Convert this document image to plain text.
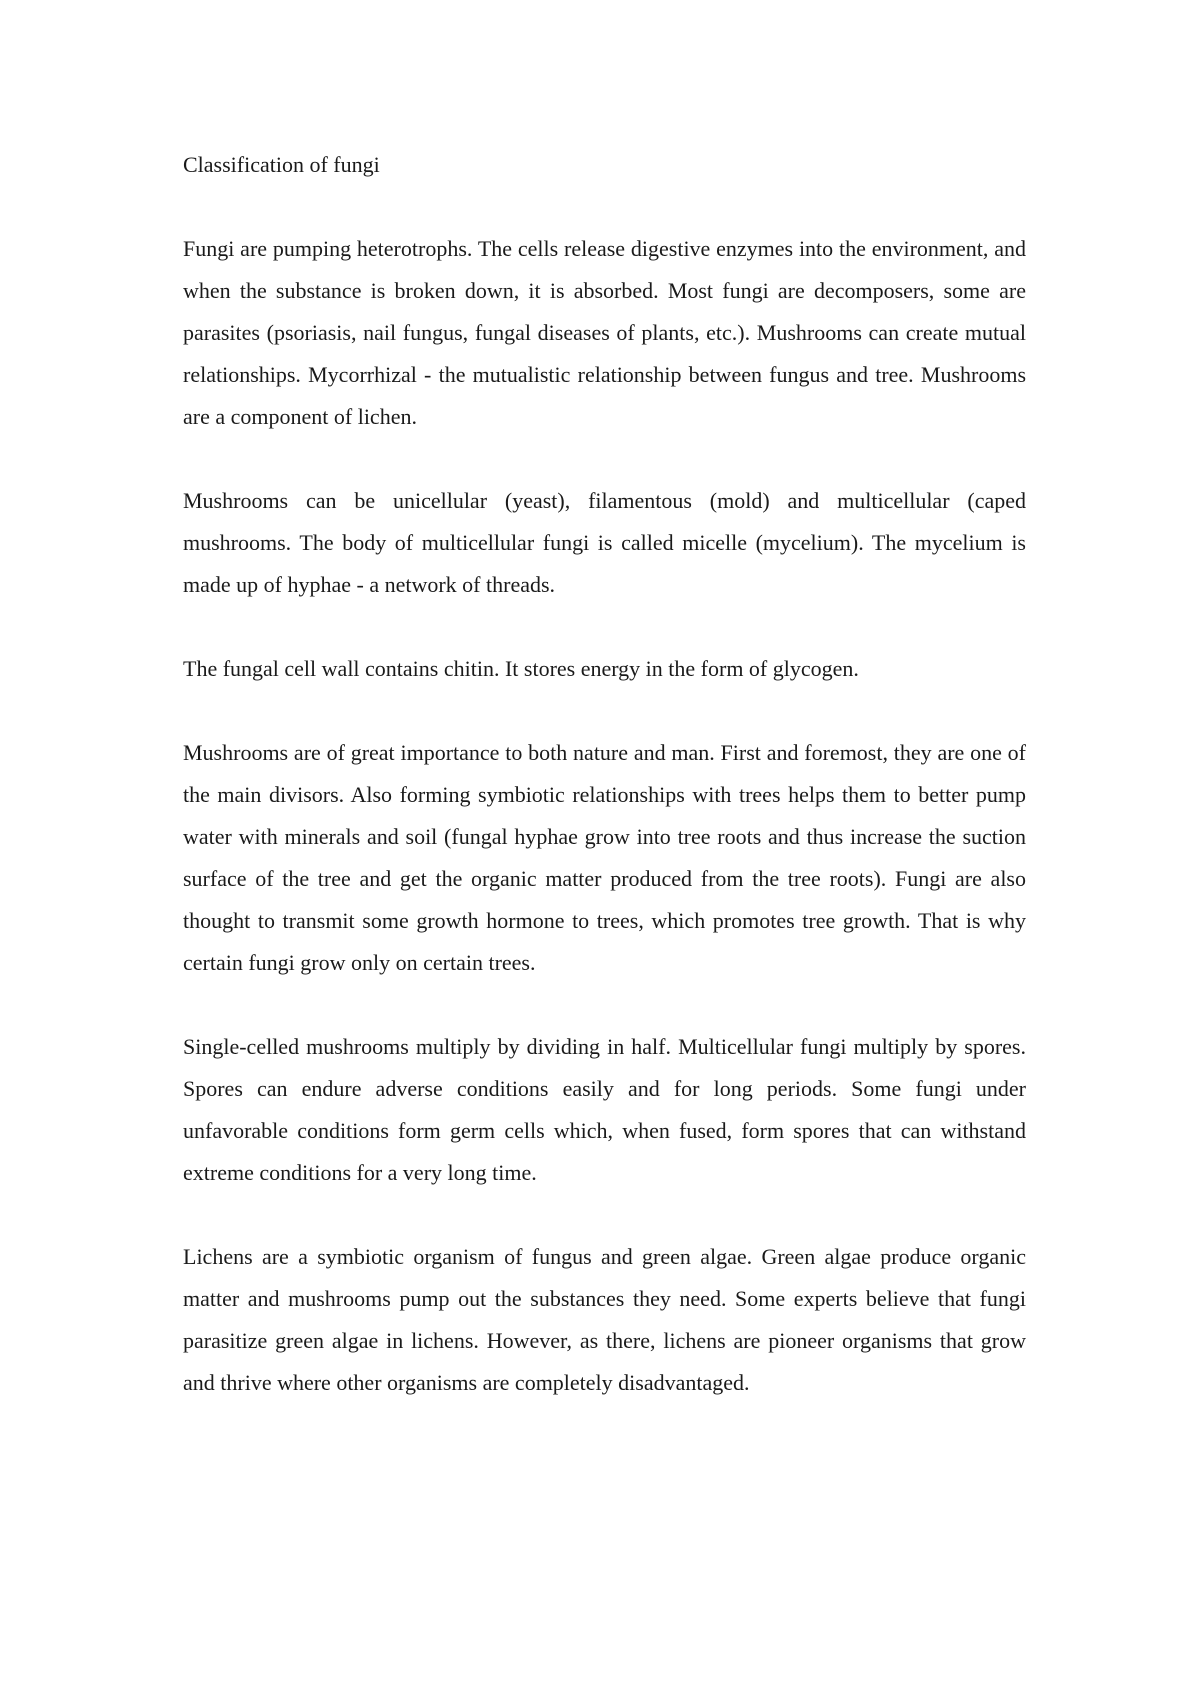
Classification of fungi

Fungi are pumping heterotrophs. The cells release digestive enzymes into the environment, and when the substance is broken down, it is absorbed. Most fungi are decomposers, some are parasites (psoriasis, nail fungus, fungal diseases of plants, etc.). Mushrooms can create mutual relationships. Mycorrhizal - the mutualistic relationship between fungus and tree. Mushrooms are a component of lichen.

Mushrooms can be unicellular (yeast), filamentous (mold) and multicellular (caped mushrooms. The body of multicellular fungi is called micelle (mycelium). The mycelium is made up of hyphae - a network of threads.

The fungal cell wall contains chitin. It stores energy in the form of glycogen.

Mushrooms are of great importance to both nature and man. First and foremost, they are one of the main divisors. Also forming symbiotic relationships with trees helps them to better pump water with minerals and soil (fungal hyphae grow into tree roots and thus increase the suction surface of the tree and get the organic matter produced from the tree roots). Fungi are also thought to transmit some growth hormone to trees, which promotes tree growth. That is why certain fungi grow only on certain trees.

Single-celled mushrooms multiply by dividing in half. Multicellular fungi multiply by spores. Spores can endure adverse conditions easily and for long periods. Some fungi under unfavorable conditions form germ cells which, when fused, form spores that can withstand extreme conditions for a very long time.

Lichens are a symbiotic organism of fungus and green algae. Green algae produce organic matter and mushrooms pump out the substances they need. Some experts believe that fungi parasitize green algae in lichens. However, as there, lichens are pioneer organisms that grow and thrive where other organisms are completely disadvantaged.
